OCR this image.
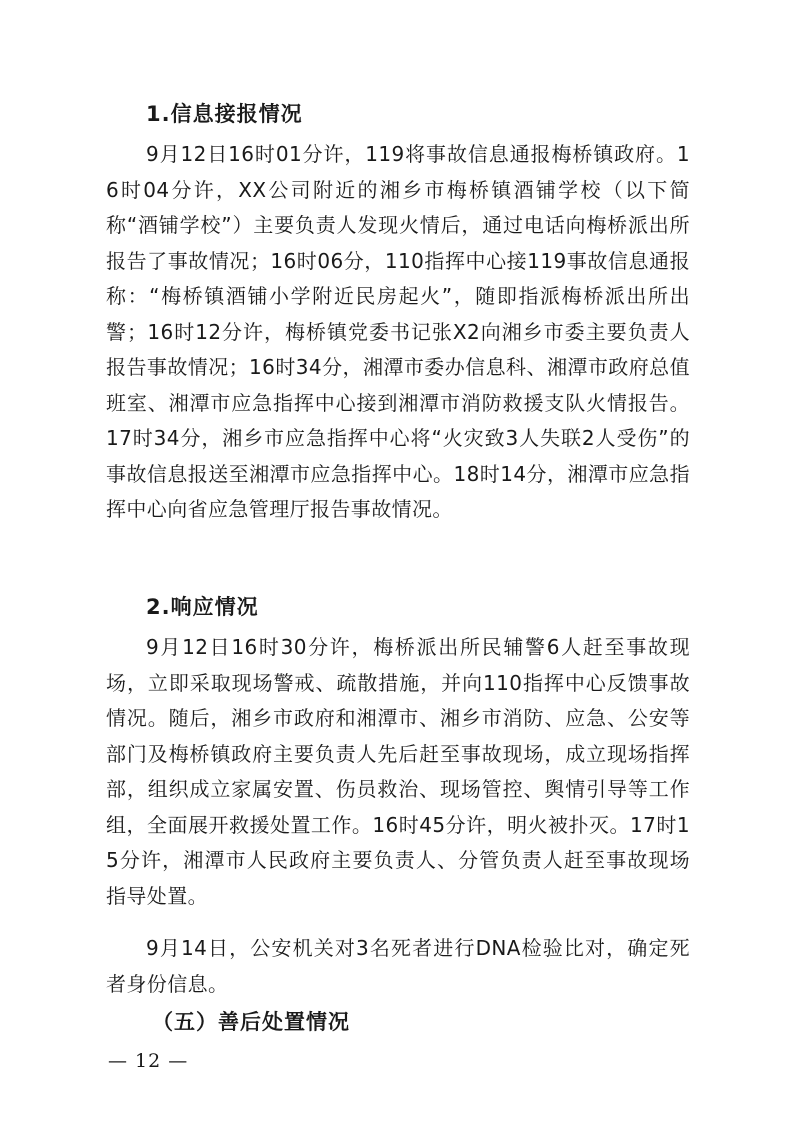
1.信息接报情况
9月12日16时01分许，119将事故信息通报梅桥镇政府。16时04分许，XX公司附近的湘乡市梅桥镇酒铺学校（以下简称“酒铺学校”）主要负责人发现火情后，通过电话向梅桥派出所报告了事故情况；16时06分，110指挥中心接119事故信息通报称：“梅桥镇酒铺小学附近民房起火”，随即指派梅桥派出所出警；16时12分许，梅桥镇党委书记张X2向湘乡市委主要负责人报告事故情况；16时34分，湘潭市委办信息科、湘潭市政府总值班室、湘潭市应急指挥中心接到湘潭市消防救援支队火情报告。17时34分，湘乡市应急指挥中心将“火灾致3人失联2人受伤”的事故信息报送至湘潭市应急指挥中心。18时14分，湘潭市应急指挥中心向省应急管理厅报告事故情况。
2.响应情况
9月12日16时30分许，梅桥派出所民辅警6人赶至事故现场，立即采取现场警戒、疏散措施，并向110指挥中心反馈事故情况。随后，湘乡市政府和湘潭市、湘乡市消防、应急、公安等部门及梅桥镇政府主要负责人先后赶至事故现场，成立现场指挥部，组织成立家属安置、伤员救治、现场管控、舆情引导等工作组，全面展开救援处置工作。16时45分许，明火被扑灭。17时15分许，湘潭市人民政府主要负责人、分管负责人赶至事故现场指导处置。
9月14日，公安机关对3名死者进行DNA检验比对，确定死者身份信息。
（五）善后处置情况
— 12 —
